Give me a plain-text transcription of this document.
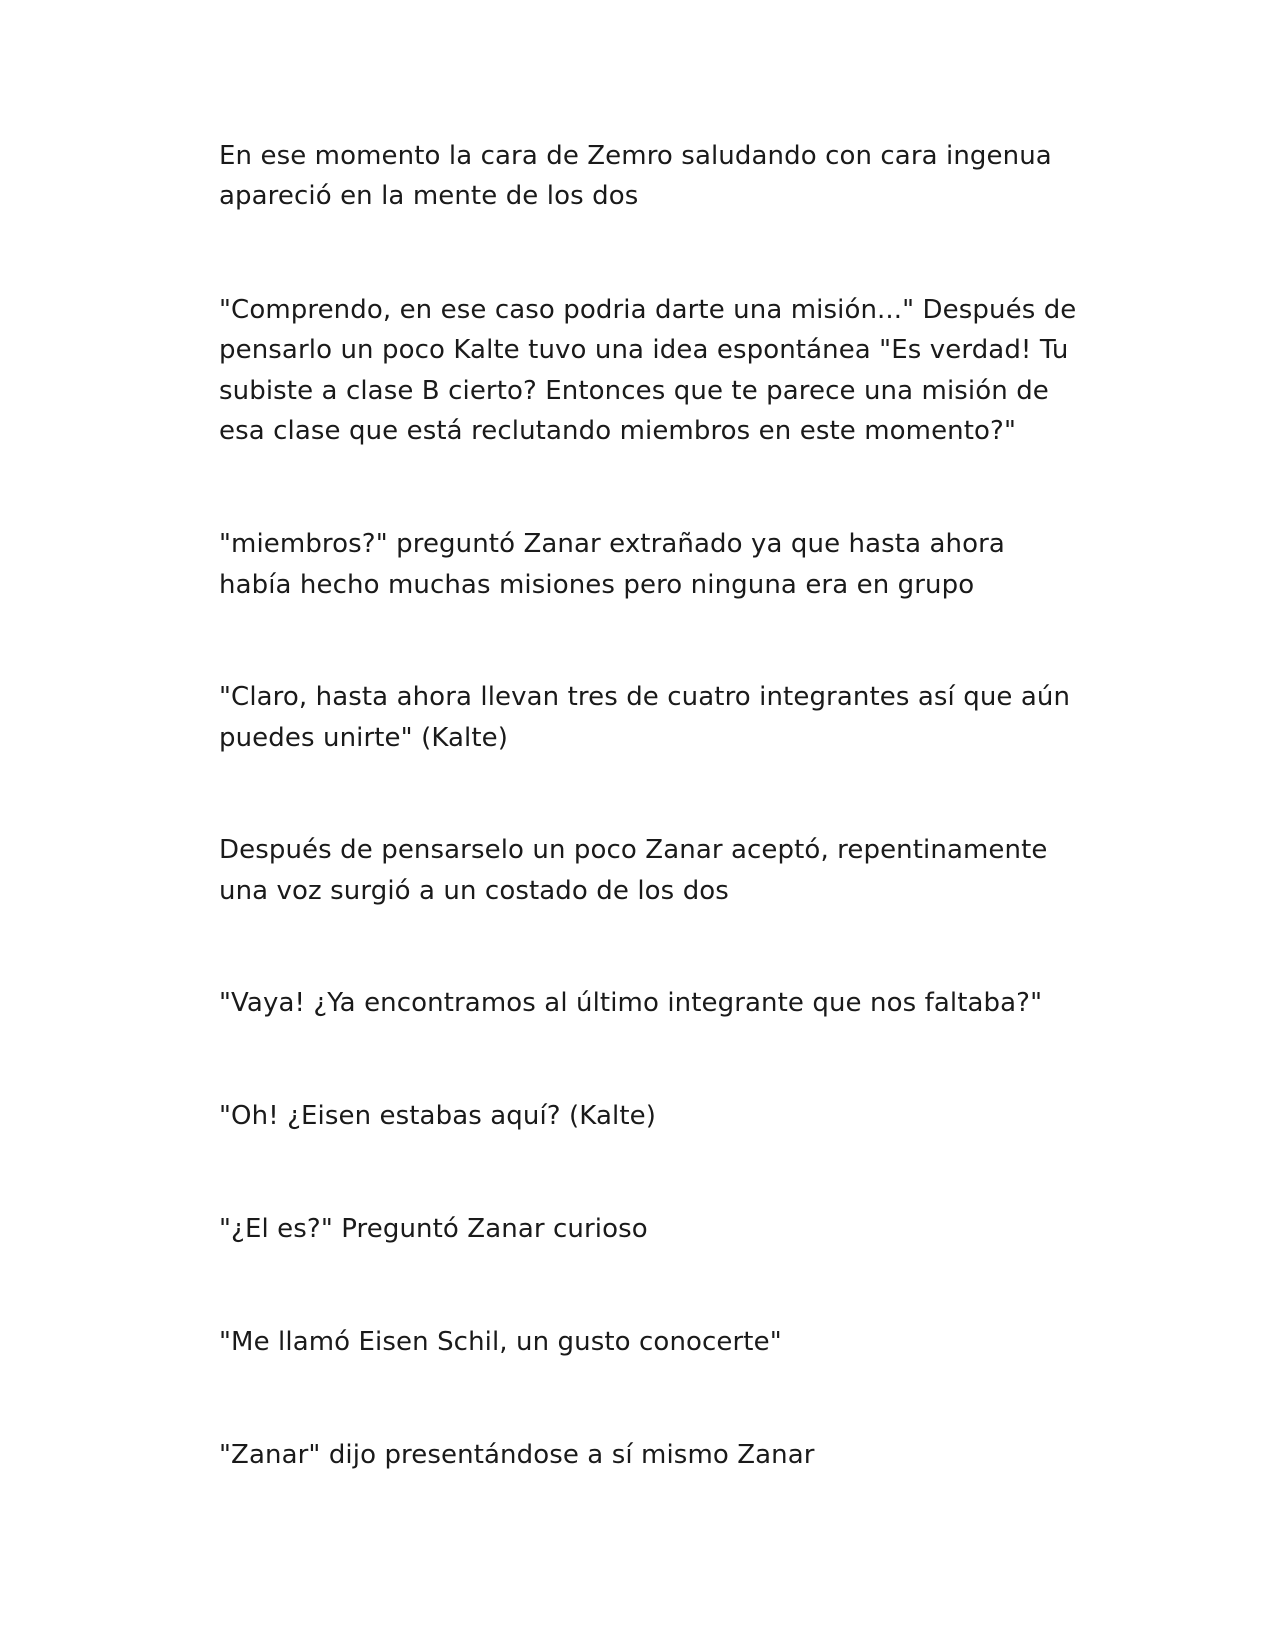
En ese momento la cara de Zemro saludando con cara ingenua
apareció en la mente de los dos
"Comprendo, en ese caso podria darte una misión..." Después de
pensarlo un poco Kalte tuvo una idea espontánea "Es verdad! Tu
subiste a clase B cierto? Entonces que te parece una misión de
esa clase que está reclutando miembros en este momento?"
"miembros?" preguntó Zanar extrañado ya que hasta ahora
había hecho muchas misiones pero ninguna era en grupo
"Claro, hasta ahora llevan tres de cuatro integrantes así que aún
puedes unirte" (Kalte)
Después de pensarselo un poco Zanar aceptó, repentinamente
una voz surgió a un costado de los dos
"Vaya! ¿Ya encontramos al último integrante que nos faltaba?"
"Oh! ¿Eisen estabas aquí? (Kalte)
"¿El es?" Preguntó Zanar curioso
"Me llamó Eisen Schil, un gusto conocerte"
"Zanar" dijo presentándose a sí mismo Zanar
